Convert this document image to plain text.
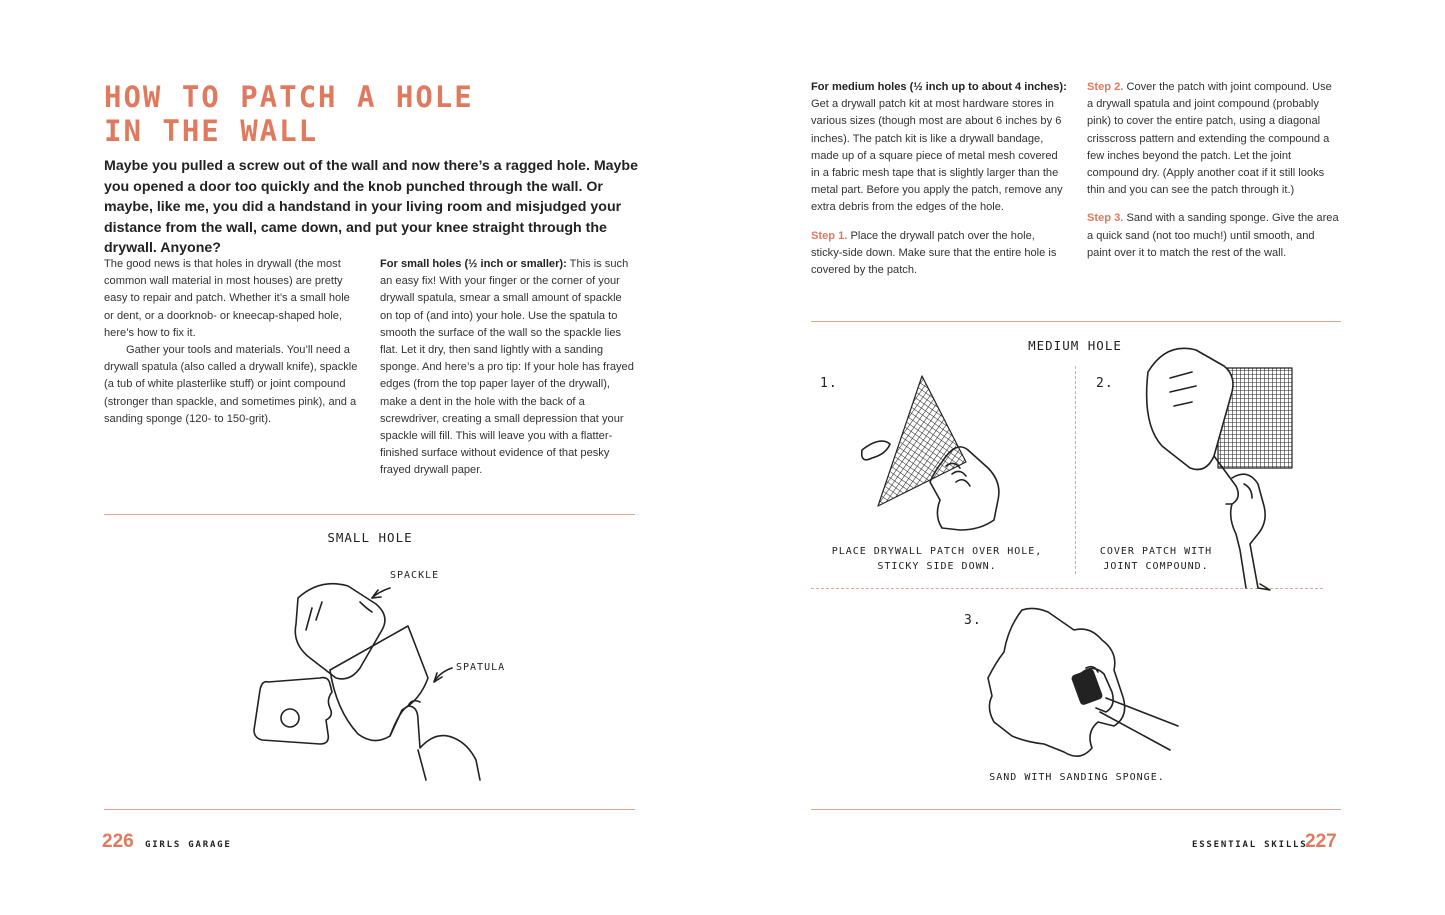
HOW TO PATCH A HOLE
IN THE WALL

Maybe you pulled a screw out of the wall and now there’s a ragged hole. Maybe you opened a door too quickly and the knob punched through the wall. Or maybe, like me, you did a handstand in your living room and misjudged your distance from the wall, came down, and put your knee straight through the drywall. Anyone?

The good news is that holes in drywall (the most common wall material in most houses) are pretty easy to repair and patch. Whether it’s a small hole or dent, or a doorknob- or kneecap-shaped hole, here’s how to fix it.

Gather your tools and materials. You’ll need a drywall spatula (also called a drywall knife), spackle (a tub of white plasterlike stuff) or joint compound (stronger than spackle, and sometimes pink), and a sanding sponge (120- to 150-grit).

For small holes (½ inch or smaller): This is such an easy fix! With your finger or the corner of your drywall spatula, smear a small amount of spackle on top of (and into) your hole. Use the spatula to smooth the surface of the wall so the spackle lies flat. Let it dry, then sand lightly with a sanding sponge. And here’s a pro tip: If your hole has frayed edges (from the top paper layer of the drywall), make a dent in the hole with the back of a screwdriver, creating a small depression that your spackle will fill. This will leave you with a flatter-finished surface without evidence of that pesky frayed drywall paper.

SMALL HOLE
SPACKLE
SPATULA
226 GIRLS GARAGE

For medium holes (½ inch up to about 4 inches): Get a drywall patch kit at most hardware stores in various sizes (though most are about 6 inches by 6 inches). The patch kit is like a drywall bandage, made up of a square piece of metal mesh covered in a fabric mesh tape that is slightly larger than the metal part. Before you apply the patch, remove any extra debris from the edges of the hole.

Step 1. Place the drywall patch over the hole, sticky-side down. Make sure that the entire hole is covered by the patch.

Step 2. Cover the patch with joint compound. Use a drywall spatula and joint compound (probably pink) to cover the entire patch, using a diagonal crisscross pattern and extending the compound a few inches beyond the patch. Let the joint compound dry. (Apply another coat if it still looks thin and you can see the patch through it.)

Step 3. Sand with a sanding sponge. Give the area a quick sand (not too much!) until smooth, and paint over it to match the rest of the wall.

MEDIUM HOLE
1.	2.
3.
PLACE DRYWALL PATCH OVER HOLE,
STICKY SIDE DOWN.
COVER PATCH WITH
JOINT COMPOUND.
SAND WITH SANDING SPONGE.
ESSENTIAL SKILLS
227
